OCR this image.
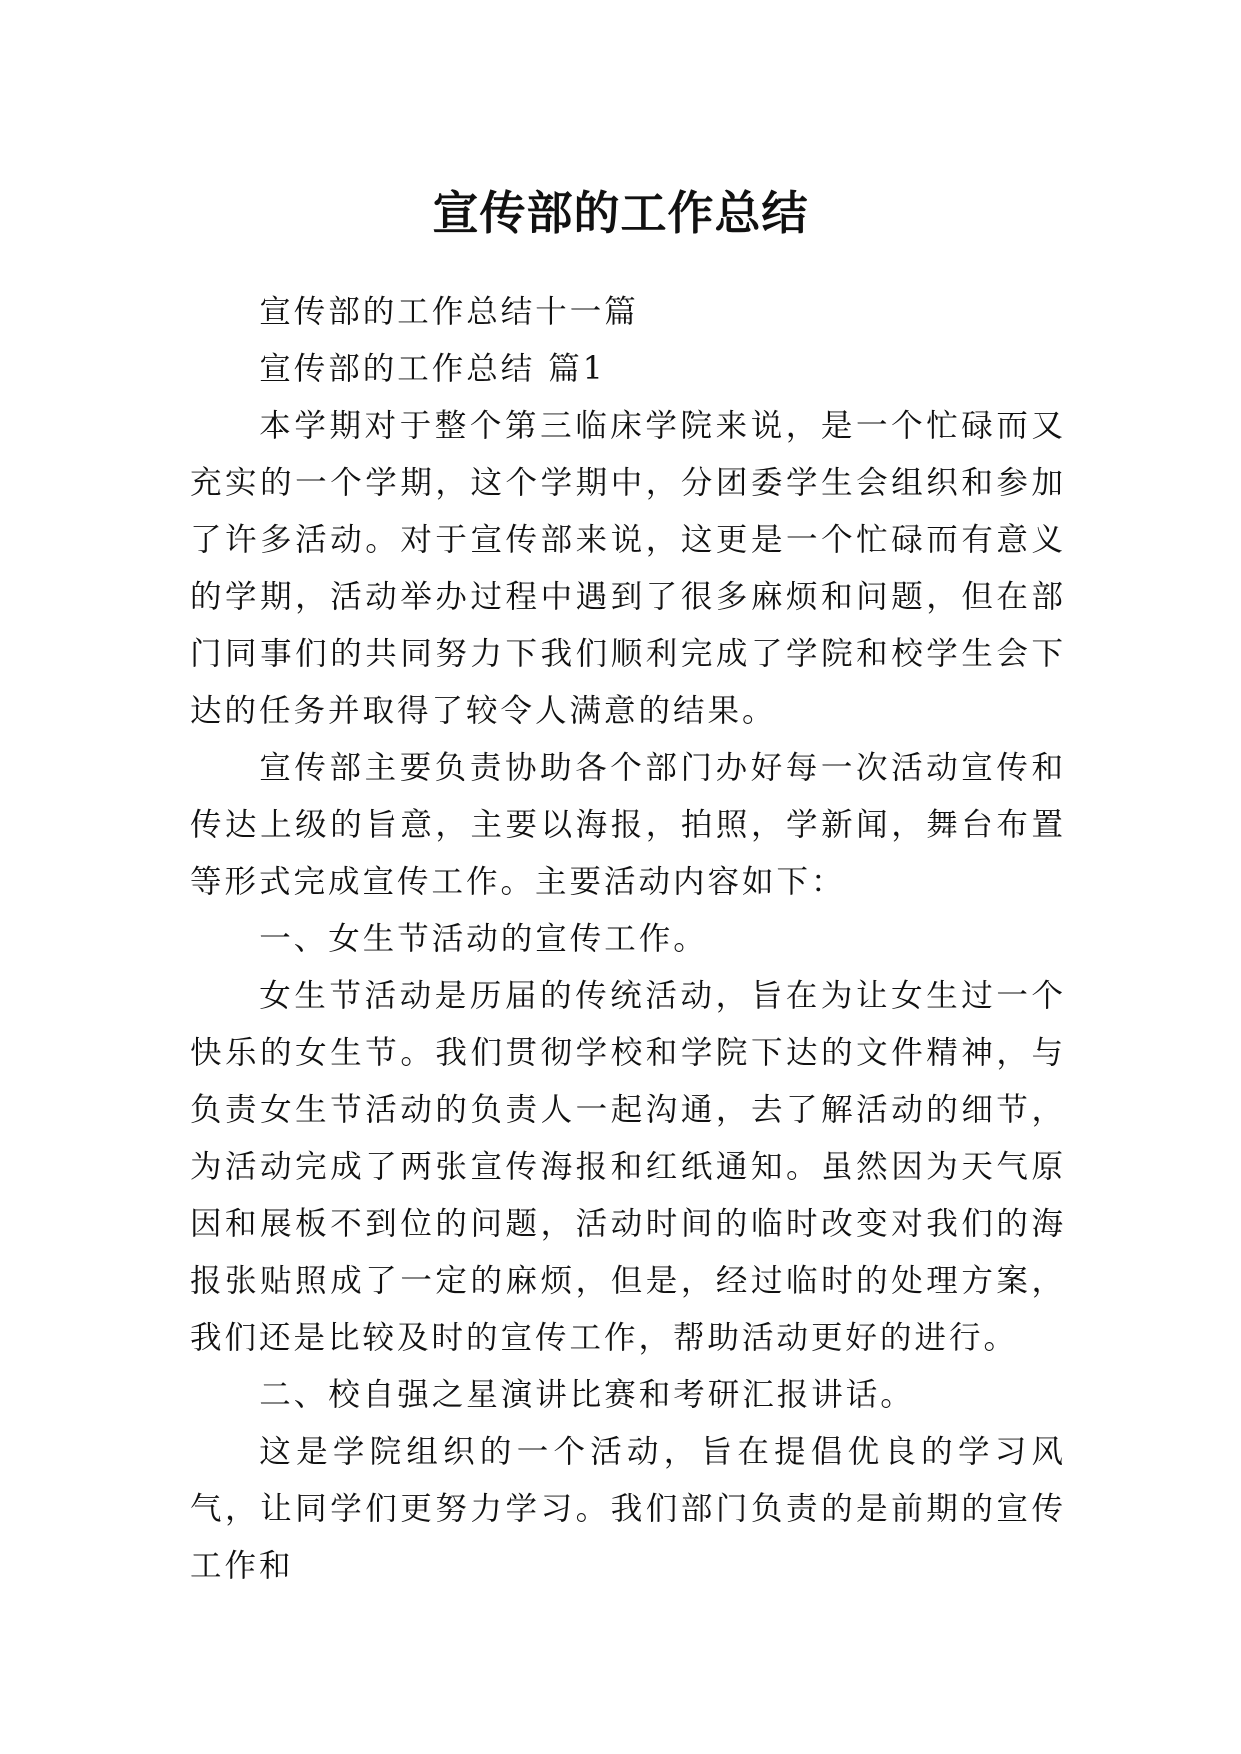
宣传部的工作总结

宣传部的工作总结十一篇

宣传部的工作总结 篇1

本学期对于整个第三临床学院来说，是一个忙碌而又充实的一个学期，这个学期中，分团委学生会组织和参加了许多活动。对于宣传部来说，这更是一个忙碌而有意义的学期，活动举办过程中遇到了很多麻烦和问题，但在部门同事们的共同努力下我们顺利完成了学院和校学生会下达的任务并取得了较令人满意的结果。

宣传部主要负责协助各个部门办好每一次活动宣传和传达上级的旨意，主要以海报，拍照，学新闻，舞台布置等形式完成宣传工作。主要活动内容如下：

一、女生节活动的宣传工作。

女生节活动是历届的传统活动，旨在为让女生过一个快乐的女生节。我们贯彻学校和学院下达的文件精神，与负责女生节活动的负责人一起沟通，去了解活动的细节，为活动完成了两张宣传海报和红纸通知。虽然因为天气原因和展板不到位的问题，活动时间的临时改变对我们的海报张贴照成了一定的麻烦，但是，经过临时的处理方案，我们还是比较及时的宣传工作，帮助活动更好的进行。

二、校自强之星演讲比赛和考研汇报讲话。

这是学院组织的一个活动，旨在提倡优良的学习风气，让同学们更努力学习。我们部门负责的是前期的宣传工作和
